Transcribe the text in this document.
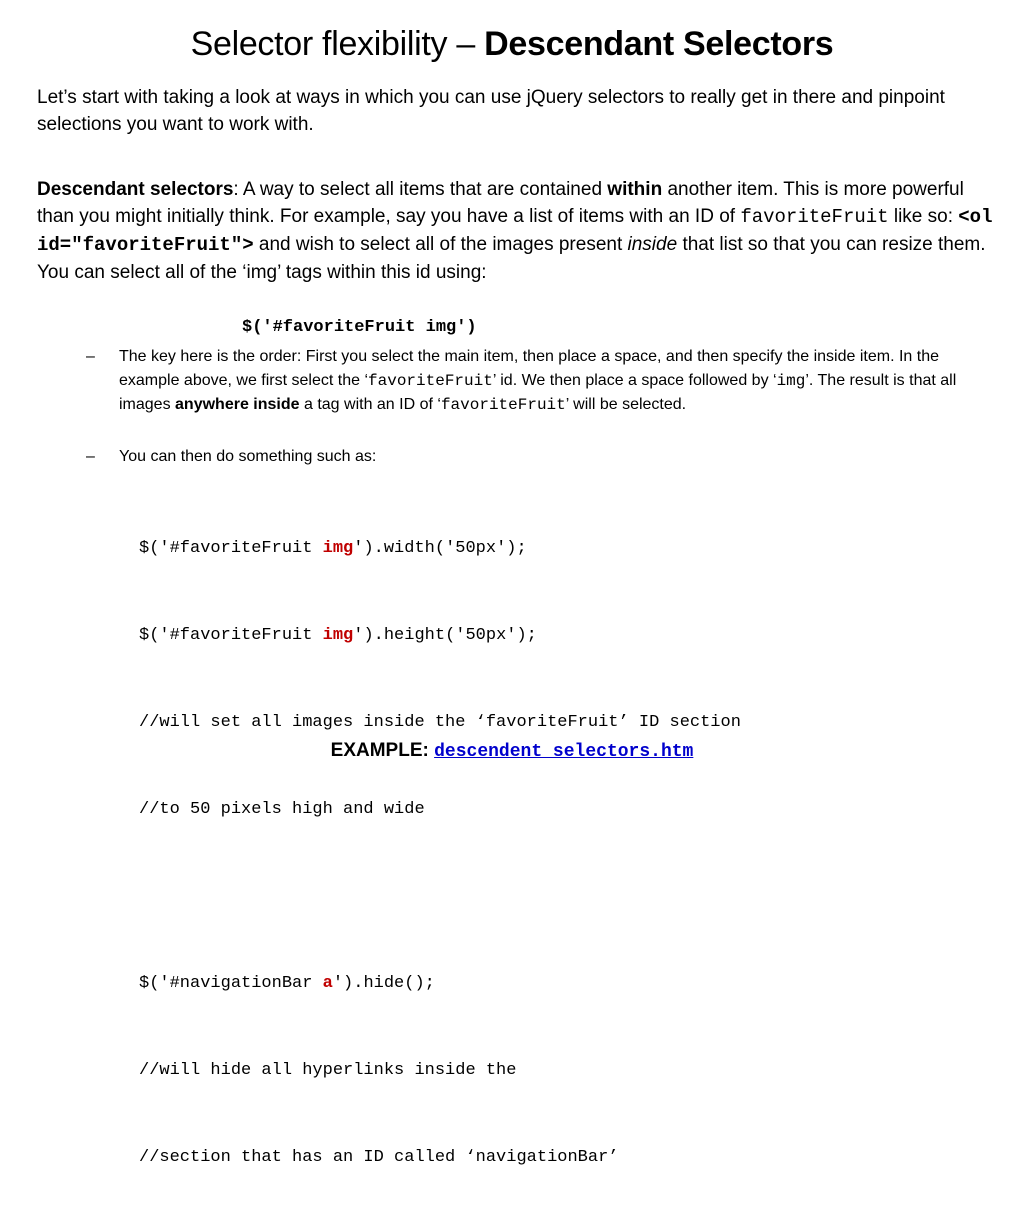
Selector flexibility – Descendant Selectors
Let’s start with taking a look at ways in which you can use jQuery selectors to really get in there and pinpoint selections you want to work with.
Descendant selectors: A way to select all items that are contained within another item. This is more powerful than you might initially think. For example, say you have a list of items with an ID of favoriteFruit like so: <ol id="favoriteFruit"> and wish to select all of the images present inside that list so that you can resize them. You can select all of the ‘img’ tags within this id using:
$('#favoriteFruit img')
– The key here is the order: First you select the main item, then place a space, and then specify the inside item. In the example above, we first select the ‘favoriteFruit’ id. We then place a space followed by ‘img’. The result is that all images anywhere inside a tag with an ID of ‘favoriteFruit’ will be selected.
– You can then do something such as:

$('#favoriteFruit img').width('50px');

$('#favoriteFruit img').height('50px');

//will set all images inside the ‘favoriteFruit’ ID section

//to 50 pixels high and wide

$('#navigationBar a').hide();

//will hide all hyperlinks inside the

//section that has an ID called ‘navigationBar’

EXAMPLE: descendent_selectors.htm
